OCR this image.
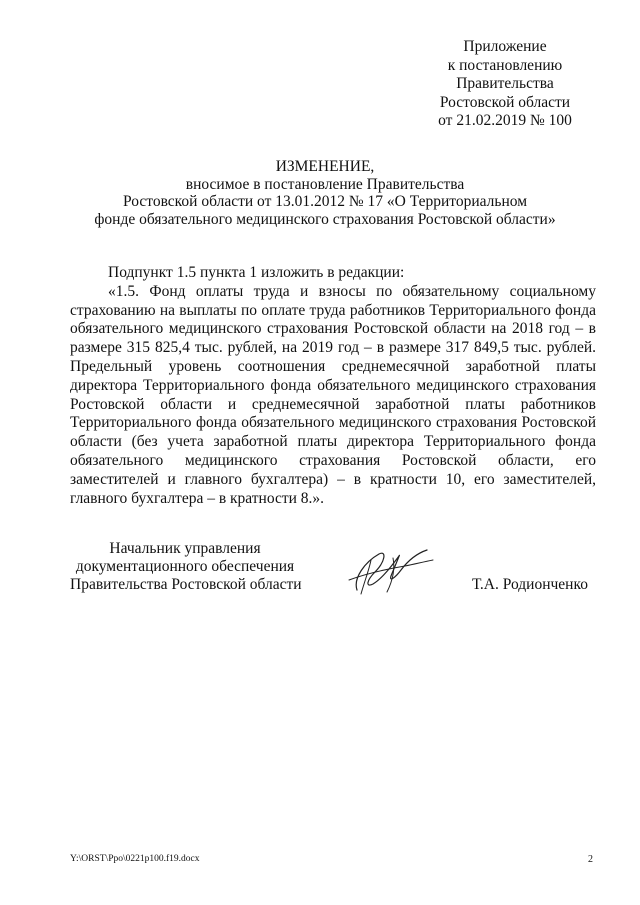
Приложение
к постановлению
Правительства
Ростовской области
от 21.02.2019 № 100
ИЗМЕНЕНИЕ,
вносимое в постановление Правительства
Ростовской области от 13.01.2012 № 17 «О Территориальном
фонде обязательного медицинского страхования Ростовской области»

Подпункт 1.5 пункта 1 изложить в редакции:

«1.5. Фонд оплаты труда и взносы по обязательному социальному страхованию на выплаты по оплате труда работников Территориального фонда обязательного медицинского страхования Ростовской области на 2018 год – в размере 315 825,4 тыс. рублей, на 2019 год – в размере 317 849,5 тыс. рублей. Предельный уровень соотношения среднемесячной заработной платы директора Территориального фонда обязательного медицинского страхования Ростовской области и среднемесячной заработной платы работников Территориального фонда обязательного медицинского страхования Ростовской области (без учета заработной платы директора Территориального фонда обязательного медицинского страхования Ростовской области, его заместителей и главного бухгалтера) – в кратности 10, его заместителей, главного бухгалтера – в кратности 8.».

Начальник управления
документационного обеспечения
Правительства Ростовской области	Т.А. Родионченко
Y:\ORST\Ppo\0221p100.f19.docx	2
